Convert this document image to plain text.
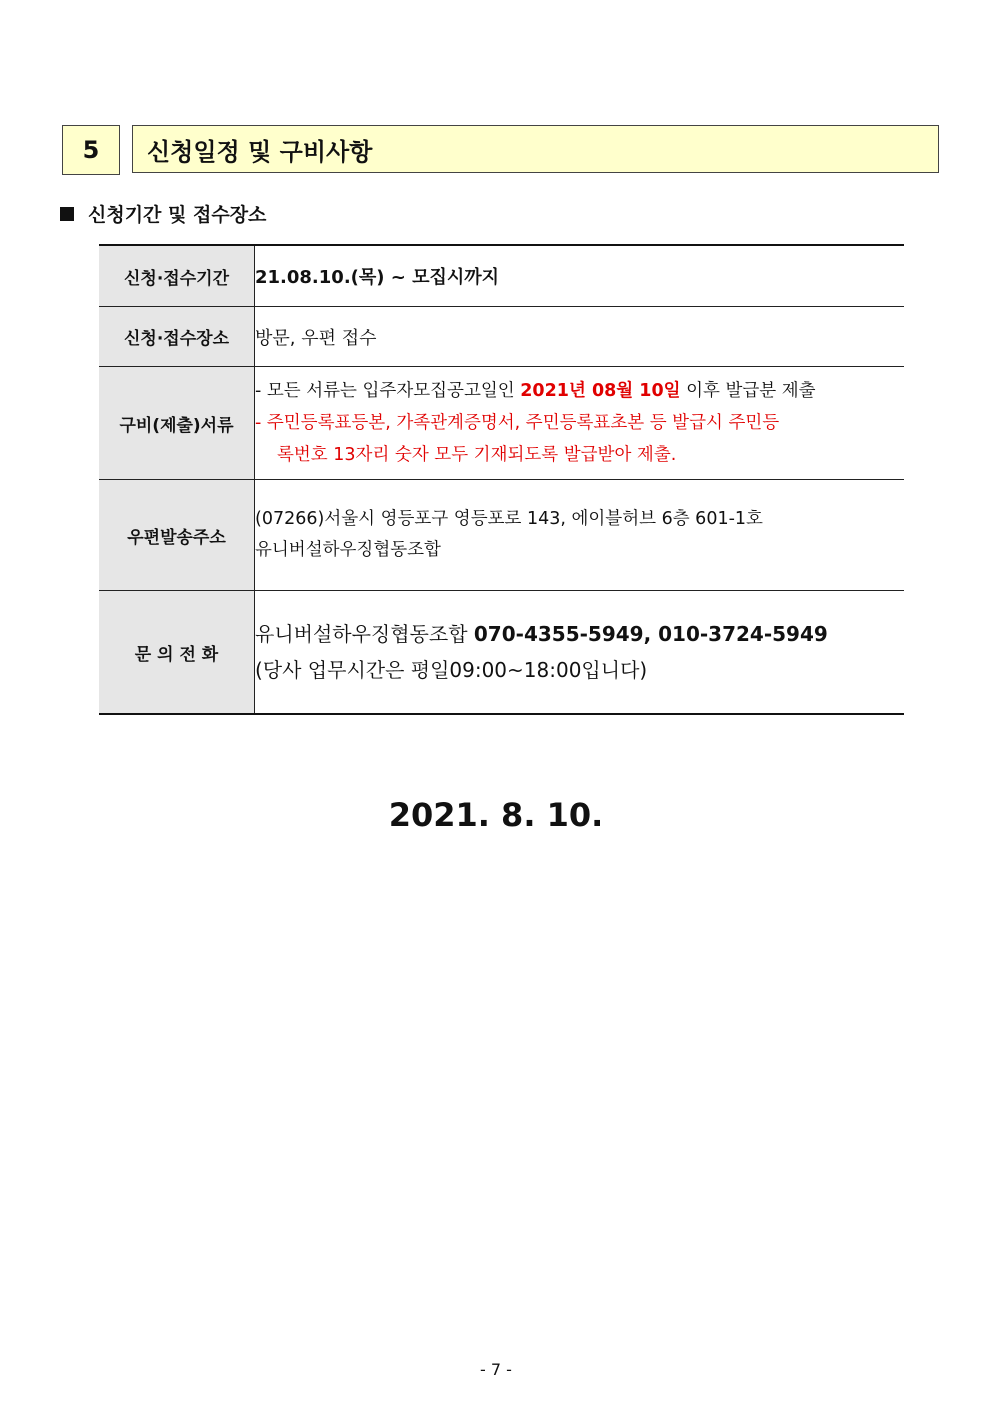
5	신청일정 및 구비사항
신청기간 및 접수장소
신청·접수기간	21.08.10.(목) ~ 모집시까지
신청·접수장소	방문, 우편 접수
구비(제출)서류	- 모든 서류는 입주자모집공고일인 2021년 08월 10일 이후 발급분 제출
- 주민등록표등본, 가족관계증명서, 주민등록표초본 등 발급시 주민등
록번호 13자리 숫자 모두 기재되도록 발급받아 제출.

우편발송주소	(07266)서울시 영등포구 영등포로 143, 에이블허브 6층 601-1호
유니버설하우징협동조합

문 의 전 화	유니버설하우징협동조합 070-4355-5949, 010-3724-5949
(당사 업무시간은 평일09:00~18:00입니다)
2021. 8. 10.
- 7 -
